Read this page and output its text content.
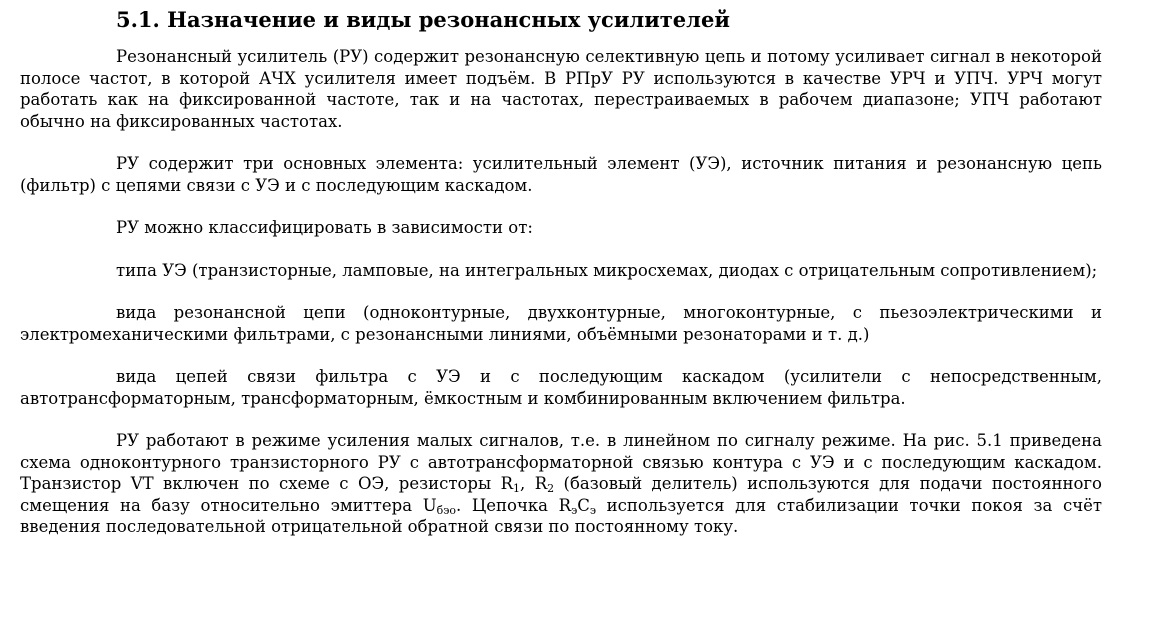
5.1. Назначение и виды резонансных усилителей

Резонансный усилитель (РУ) содержит резонансную селективную цепь и потому усиливает сигнал в некоторой полосе частот, в которой АЧХ усилителя имеет подъём. В РПрУ РУ используются в качестве УРЧ и УПЧ. УРЧ могут работать как на фиксированной частоте, так и на частотах, перестраиваемых в рабочем диапазоне; УПЧ работают обычно на фиксированных частотах.

РУ содержит три основных элемента: усилительный элемент (УЭ), источник питания и резонансную цепь (фильтр) с цепями связи с УЭ и с последующим каскадом.

РУ можно классифицировать в зависимости от:

типа УЭ (транзисторные, ламповые, на интегральных микросхемах, диодах с отрицательным сопротивлением);

вида резонансной цепи (одноконтурные, двухконтурные, многоконтурные, с пьезоэлектрическими и электромеханическими фильтрами, с резонансными линиями, объёмными резонаторами и т. д.)

вида цепей связи фильтра с УЭ и с последующим каскадом (усилители с непосредственным, автотрансформаторным, трансформаторным, ёмкостным и комбинированным включением фильтра.

РУ работают в режиме усиления малых сигналов, т.е. в линейном по сигналу режиме. На рис. 5.1 приведена схема одноконтурного транзисторного РУ с автотрансформаторной связью контура с УЭ и с последующим каскадом. Транзистор VT включен по схеме с ОЭ, резисторы $R_1$, $R_2$ (базовый делитель) используются для подачи постоянного смещения на базу относительно эмиттера $U_{бэо}$. Цепочка $R_эC_э$ используется для стабилизации точки покоя за счёт введения последовательной отрицательной обратной связи по постоянному току.
